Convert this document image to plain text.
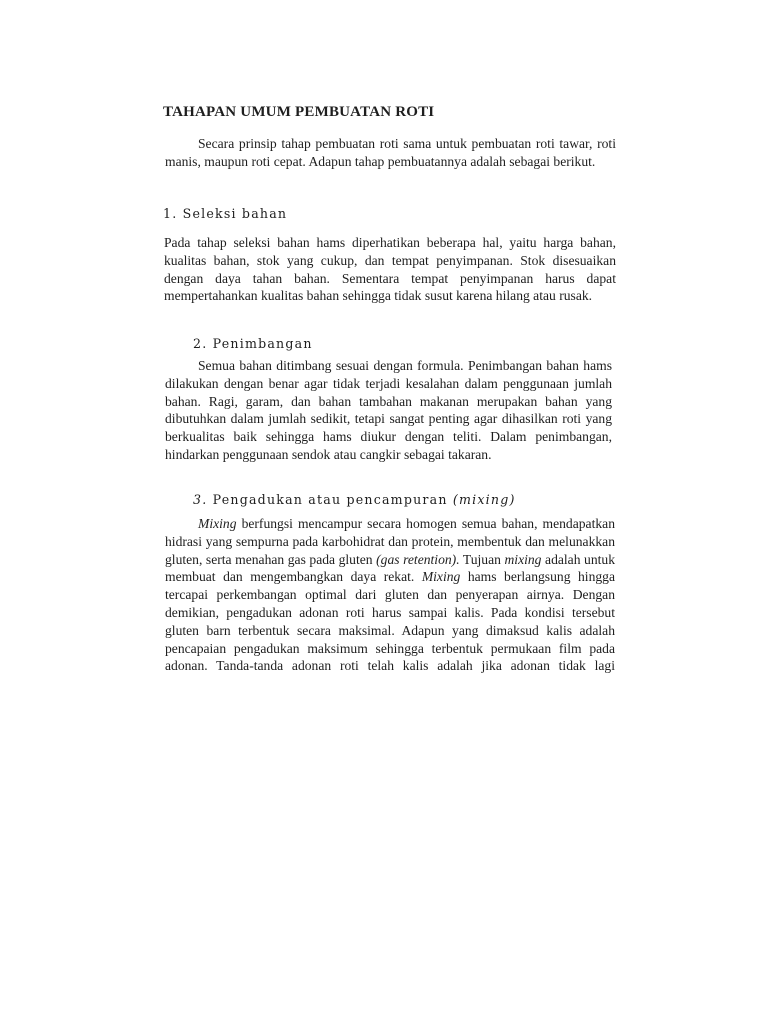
TAHAPAN UMUM PEMBUATAN ROTI
Secara prinsip tahap pembuatan roti sama untuk pembuatan roti tawar, roti manis, maupun roti cepat. Adapun tahap pembuatannya adalah sebagai berikut.
1. Seleksi bahan
Pada tahap seleksi bahan hams diperhatikan beberapa hal, yaitu harga bahan, kualitas bahan, stok yang cukup, dan tempat penyimpanan. Stok disesuaikan dengan daya tahan bahan. Sementara tempat penyimpanan harus dapat mempertahankan kualitas bahan sehingga tidak susut karena hilang atau rusak.
2. Penimbangan
Semua bahan ditimbang sesuai dengan formula. Penimbangan bahan hams dilakukan dengan benar agar tidak terjadi kesalahan dalam penggunaan jumlah bahan. Ragi, garam, dan bahan tambahan makanan merupakan bahan yang dibutuhkan dalam jumlah sedikit, tetapi sangat penting agar dihasilkan roti yang berkualitas baik sehingga hams diukur dengan teliti. Dalam penimbangan, hindarkan penggunaan sendok atau cangkir sebagai takaran.
3. Pengadukan atau pencampuran (mixing)
Mixing berfungsi mencampur secara homogen semua bahan, mendapatkan hidrasi yang sempurna pada karbohidrat dan protein, membentuk dan melunakkan gluten, serta menahan gas pada gluten (gas retention). Tujuan mixing adalah untuk membuat dan mengembangkan daya rekat. Mixing hams berlangsung hingga tercapai perkembangan optimal dari gluten dan penyerapan airnya. Dengan demikian, pengadukan adonan roti harus sampai kalis. Pada kondisi tersebut gluten barn terbentuk secara maksimal. Adapun yang dimaksud kalis adalah pencapaian pengadukan maksimum sehingga terbentuk permukaan film pada adonan. Tanda-tanda adonan roti telah kalis adalah jika adonan tidak lagi
